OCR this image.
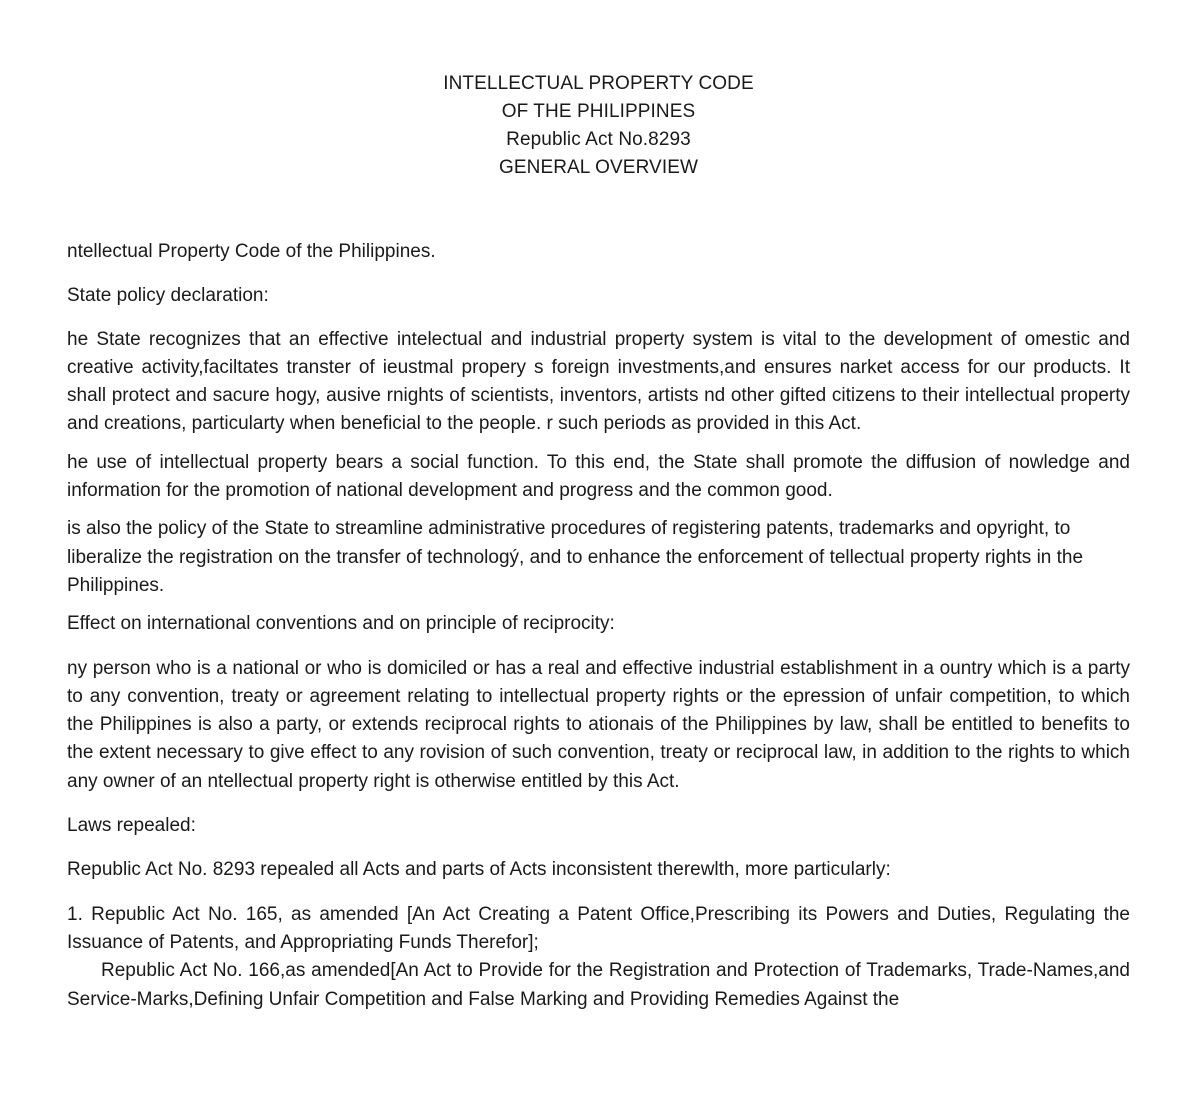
INTELLECTUAL PROPERTY CODE
OF THE PHILIPPINES
Republic Act No.8293
GENERAL OVERVIEW

ntellectual Property Code of the Philippines.

State policy declaration:

he State recognizes that an effective intelectual and industrial property system is vital to the development of omestic and creative activity,faciltates transter of ieustmal propery s foreign investments,and ensures narket access for our products. It shall protect and sacure hogy, ausive rnights of scientists, inventors, artists nd other gifted citizens to their intellectual property and creations, particularty when beneficial to the people. r such periods as provided in this Act.

he use of intellectual property bears a social function. To this end, the State shall promote the diffusion of nowledge and information for the promotion of national development and progress and the common good.

is also the policy of the State to streamline administrative procedures of registering patents, trademarks and opyright, to liberalize the registration on the transfer of technologý, and to enhance the enforcement of tellectual property rights in the Philippines.

Effect on international conventions and on principle of reciprocity:

ny person who is a national or who is domiciled or has a real and effective industrial establishment in a ountry which is a party to any convention, treaty or agreement relating to intellectual property rights or the epression of unfair competition, to which the Philippines is also a party, or extends reciprocal rights to ationais of the Philippines by law, shall be entitled to benefits to the extent necessary to give effect to any rovision of such convention, treaty or reciprocal law, in addition to the rights to which any owner of an ntellectual property right is otherwise entitled by this Act.

Laws repealed:

Republic Act No. 8293 repealed all Acts and parts of Acts inconsistent therewlth, more particularly:

1. Republic Act No. 165, as amended [An Act Creating a Patent Office,Prescribing its Powers and Duties, Regulating the Issuance of Patents, and Appropriating Funds Therefor];

Republic Act No. 166,as amended[An Act to Provide for the Registration and Protection of Trademarks, Trade-Names,and Service-Marks,Defining Unfair Competition and False Marking and Providing Remedies Against the
